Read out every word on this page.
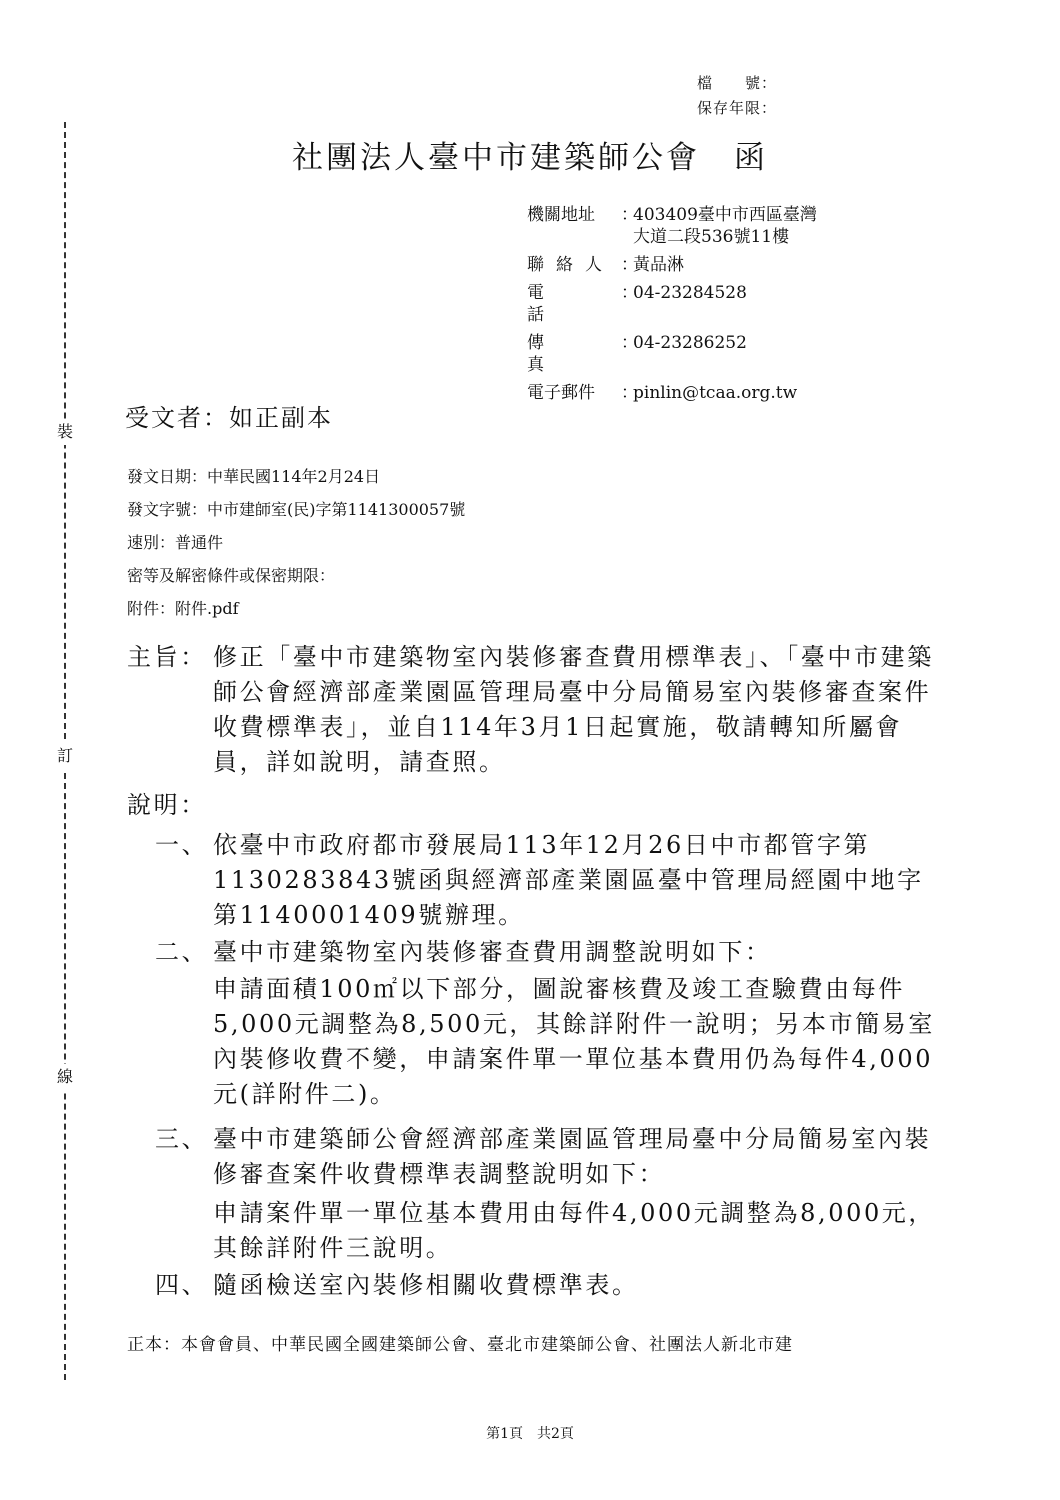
裝
訂
線
檔　　號：
保存年限：
社團法人臺中市建築師公會　函
機關地址 ：
403409臺中市西區臺灣大道二段536號11樓
聯絡人 ：
黃品淋
電話
：
04-23284528
傳真
：
04-23286252
電子郵件 ：
pinlin@tcaa.org.tw
受文者：如正副本
發文日期：中華民國114年2月24日
發文字號：中市建師室(民)字第1141300057號
速別：普通件
密等及解密條件或保密期限：
附件：附件.pdf
主旨： 修正「臺中市建築物室內裝修審查費用標準表」、「臺中市建築師公會經濟部產業園區管理局臺中分局簡易室內裝修審查案件收費標準表」，並自114年3月1日起實施，敬請轉知所屬會員，詳如說明，請查照。
說明：
一、 依臺中市政府都市發展局113年12月26日中市都管字第1130283843號函與經濟部產業園區臺中管理局經園中地字第1140001409號辦理。
二、 臺中市建築物室內裝修審查費用調整說明如下：
申請面積100㎡以下部分，圖說審核費及竣工查驗費由每件5,000元調整為8,500元，其餘詳附件一說明；另本市簡易室內裝修收費不變，申請案件單一單位基本費用仍為每件4,000元(詳附件二)。
三、 臺中市建築師公會經濟部產業園區管理局臺中分局簡易室內裝修審查案件收費標準表調整說明如下：
申請案件單一單位基本費用由每件4,000元調整為8,000元，其餘詳附件三說明。
四、 隨函檢送室內裝修相關收費標準表。
正本：本會會員、中華民國全國建築師公會、臺北市建築師公會、社團法人新北市建
第1頁　共2頁
